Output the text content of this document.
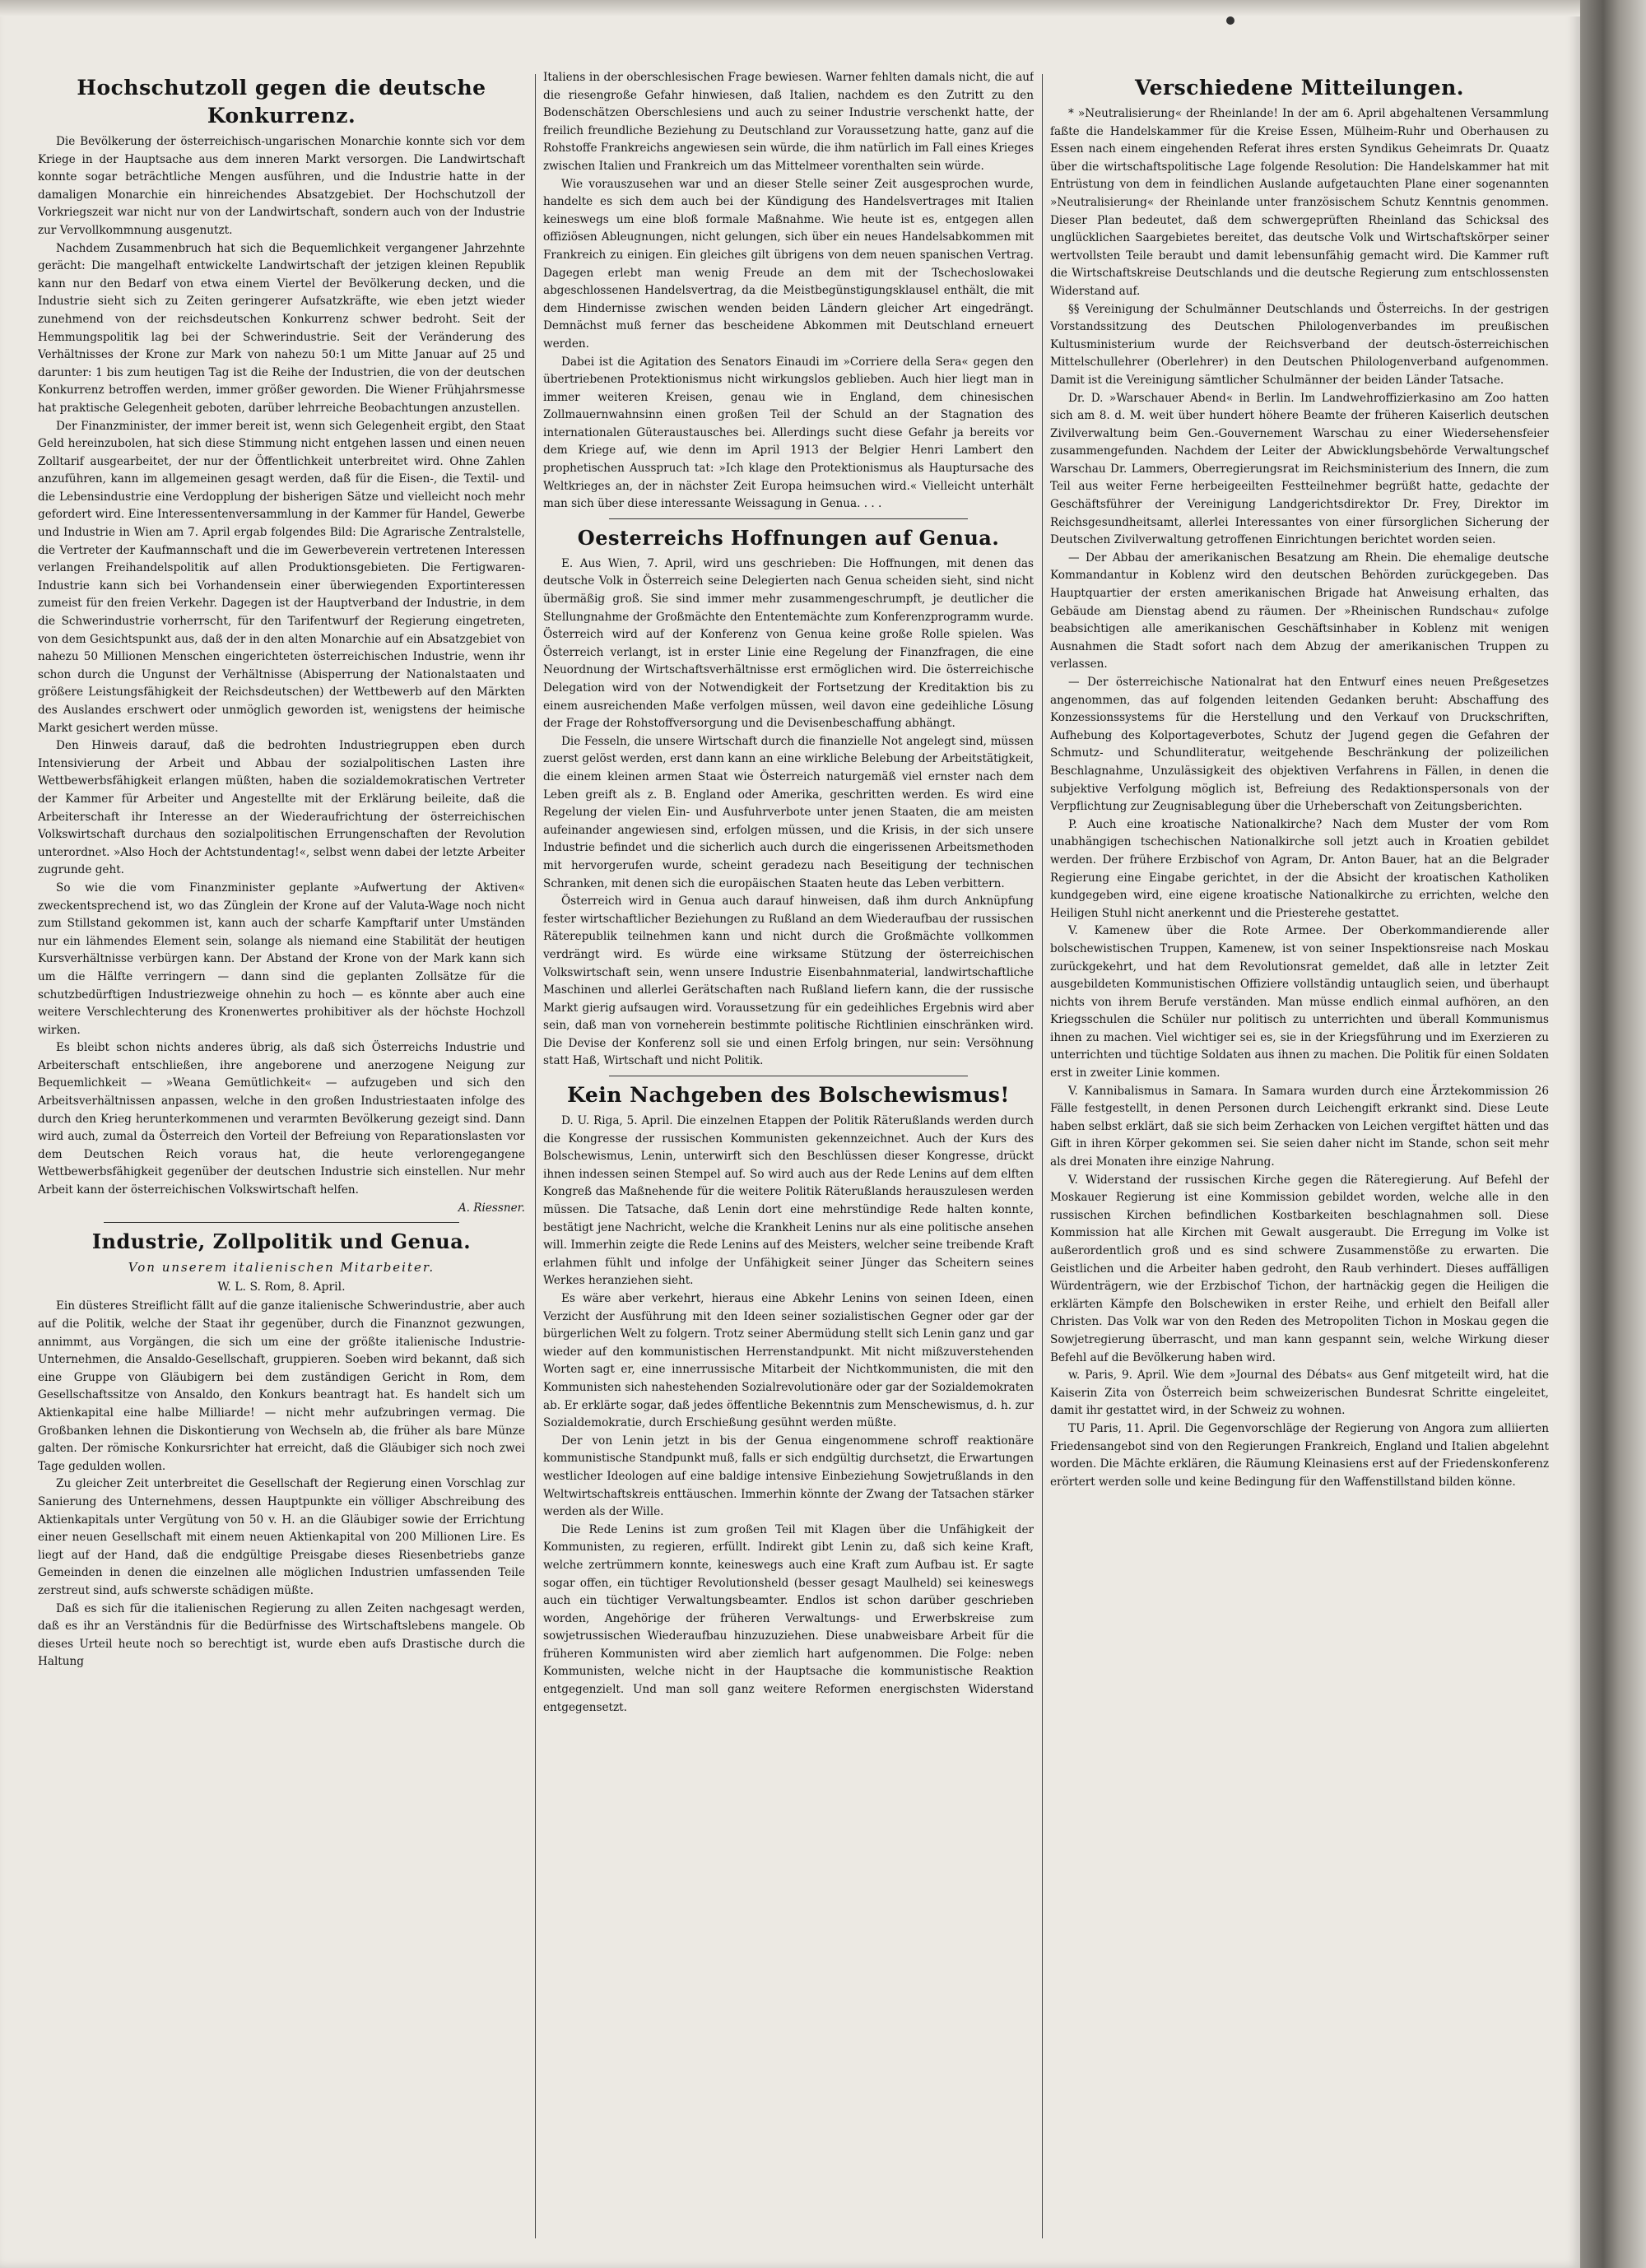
Hochschutzoll gegen die deutsche Konkurrenz.

Die Bevölkerung der österreichisch-ungarischen Monarchie konnte sich vor dem Kriege in der Hauptsache aus dem inneren Markt versorgen. Die Landwirtschaft konnte sogar beträchtliche Mengen ausführen, und die Industrie hatte in der damaligen Monarchie ein hinreichendes Absatzgebiet. Der Hochschutzoll der Vorkriegszeit war nicht nur von der Landwirtschaft, sondern auch von der Industrie zur Vervollkommnung ausgenutzt.

Nachdem Zusammenbruch hat sich die Bequemlichkeit vergangener Jahrzehnte gerächt: Die mangelhaft entwickelte Landwirtschaft der jetzigen kleinen Republik kann nur den Bedarf von etwa einem Viertel der Bevölkerung decken, und die Industrie sieht sich zu Zeiten geringerer Aufsatzkräfte, wie eben jetzt wieder zunehmend von der reichsdeutschen Konkurrenz schwer bedroht. Seit der Hemmungspolitik lag bei der Schwerindustrie. Seit der Veränderung des Verhältnisses der Krone zur Mark von nahezu 50:1 um Mitte Januar auf 25 und darunter: 1 bis zum heutigen Tag ist die Reihe der Industrien, die von der deutschen Konkurrenz betroffen werden, immer größer geworden. Die Wiener Frühjahrsmesse hat praktische Gelegenheit geboten, darüber lehrreiche Beobachtungen anzustellen.

Der Finanzminister, der immer bereit ist, wenn sich Gelegenheit ergibt, den Staat Geld hereinzubolen, hat sich diese Stimmung nicht entgehen lassen und einen neuen Zolltarif ausgearbeitet, der nur der Öffentlichkeit unterbreitet wird. Ohne Zahlen anzuführen, kann im allgemeinen gesagt werden, daß für die Eisen-, die Textil- und die Lebensindustrie eine Verdopplung der bisherigen Sätze und vielleicht noch mehr gefordert wird. Eine Interessentenversammlung in der Kammer für Handel, Gewerbe und Industrie in Wien am 7. April ergab folgendes Bild: Die Agrarische Zentralstelle, die Vertreter der Kaufmannschaft und die im Gewerbeverein vertretenen Interessen verlangen Freihandelspolitik auf allen Produktionsgebieten. Die Fertigwaren-Industrie kann sich bei Vorhandensein einer überwiegenden Exportinteressen zumeist für den freien Verkehr. Dagegen ist der Hauptverband der Industrie, in dem die Schwerindustrie vorherrscht, für den Tarifentwurf der Regierung eingetreten, von dem Gesichtspunkt aus, daß der in den alten Monarchie auf ein Absatzgebiet von nahezu 50 Millionen Menschen eingerichteten österreichischen Industrie, wenn ihr schon durch die Ungunst der Verhältnisse (Abisperrung der Nationalstaaten und größere Leistungsfähigkeit der Reichsdeutschen) der Wettbewerb auf den Märkten des Auslandes erschwert oder unmöglich geworden ist, wenigstens der heimische Markt gesichert werden müsse.

Den Hinweis darauf, daß die bedrohten Industriegruppen eben durch Intensivierung der Arbeit und Abbau der sozialpolitischen Lasten ihre Wettbewerbsfähigkeit erlangen müßten, haben die sozialdemokratischen Vertreter der Kammer für Arbeiter und Angestellte mit der Erklärung beileite, daß die Arbeiterschaft ihr Interesse an der Wiederaufrichtung der österreichischen Volkswirtschaft durchaus den sozialpolitischen Errungenschaften der Revolution unterordnet. »Also Hoch der Achtstundentag!«, selbst wenn dabei der letzte Arbeiter zugrunde geht.

So wie die vom Finanzminister geplante »Aufwertung der Aktiven« zweckentsprechend ist, wo das Zünglein der Krone auf der Valuta-Wage noch nicht zum Stillstand gekommen ist, kann auch der scharfe Kampftarif unter Umständen nur ein lähmendes Element sein, solange als niemand eine Stabilität der heutigen Kursverhältnisse verbürgen kann. Der Abstand der Krone von der Mark kann sich um die Hälfte verringern — dann sind die geplanten Zollsätze für die schutzbedürftigen Industriezweige ohnehin zu hoch — es könnte aber auch eine weitere Verschlechterung des Kronenwertes prohibitiver als der höchste Hochzoll wirken.

Es bleibt schon nichts anderes übrig, als daß sich Österreichs Industrie und Arbeiterschaft entschließen, ihre angeborene und anerzogene Neigung zur Bequemlichkeit — »Weana Gemütlichkeit« — aufzugeben und sich den Arbeitsverhältnissen anpassen, welche in den großen Industriestaaten infolge des durch den Krieg herunterkommenen und verarmten Bevölkerung gezeigt sind. Dann wird auch, zumal da Österreich den Vorteil der Befreiung von Reparationslasten vor dem Deutschen Reich voraus hat, die heute verlorengegangene Wettbewerbsfähigkeit gegenüber der deutschen Industrie sich einstellen. Nur mehr Arbeit kann der österreichischen Volkswirtschaft helfen.

A. Riessner.
Industrie, Zollpolitik und Genua.
Von unserem italienischen Mitarbeiter.
W. L. S. Rom, 8. April.

Ein düsteres Streiflicht fällt auf die ganze italienische Schwerindustrie, aber auch auf die Politik, welche der Staat ihr gegenüber, durch die Finanznot gezwungen, annimmt, aus Vorgängen, die sich um eine der größte italienische Industrie-Unternehmen, die Ansaldo-Gesellschaft, gruppieren. Soeben wird bekannt, daß sich eine Gruppe von Gläubigern bei dem zuständigen Gericht in Rom, dem Gesellschaftssitze von Ansaldo, den Konkurs beantragt hat. Es handelt sich um Aktienkapital eine halbe Milliarde! — nicht mehr aufzubringen vermag. Die Großbanken lehnen die Diskontierung von Wechseln ab, die früher als bare Münze galten. Der römische Konkursrichter hat erreicht, daß die Gläubiger sich noch zwei Tage gedulden wollen.

Zu gleicher Zeit unterbreitet die Gesellschaft der Regierung einen Vorschlag zur Sanierung des Unternehmens, dessen Hauptpunkte ein völliger Abschreibung des Aktienkapitals unter Vergütung von 50 v. H. an die Gläubiger sowie der Errichtung einer neuen Gesellschaft mit einem neuen Aktienkapital von 200 Millionen Lire. Es liegt auf der Hand, daß die endgültige Preisgabe dieses Riesenbetriebs ganze Gemeinden in denen die einzelnen alle möglichen Industrien umfassenden Teile zerstreut sind, aufs schwerste schädigen müßte.

Daß es sich für die italienischen Regierung zu allen Zeiten nachgesagt werden, daß es ihr an Verständnis für die Bedürfnisse des Wirtschaftslebens mangele. Ob dieses Urteil heute noch so berechtigt ist, wurde eben aufs Drastische durch die Haltung

Italiens in der oberschlesischen Frage bewiesen. Warner fehlten damals nicht, die auf die riesengroße Gefahr hinwiesen, daß Italien, nachdem es den Zutritt zu den Bodenschätzen Oberschlesiens und auch zu seiner Industrie verschenkt hatte, der freilich freundliche Beziehung zu Deutschland zur Voraussetzung hatte, ganz auf die Rohstoffe Frankreichs angewiesen sein würde, die ihm natürlich im Fall eines Krieges zwischen Italien und Frankreich um das Mittelmeer vorenthalten sein würde.

Wie vorauszusehen war und an dieser Stelle seiner Zeit ausgesprochen wurde, handelte es sich dem auch bei der Kündigung des Handelsvertrages mit Italien keineswegs um eine bloß formale Maßnahme. Wie heute ist es, entgegen allen offiziösen Ableugnungen, nicht gelungen, sich über ein neues Handelsabkommen mit Frankreich zu einigen. Ein gleiches gilt übrigens von dem neuen spanischen Vertrag. Dagegen erlebt man wenig Freude an dem mit der Tschechoslowakei abgeschlossenen Handelsvertrag, da die Meistbegünstigungsklausel enthält, die mit dem Hindernisse zwischen wenden beiden Ländern gleicher Art eingedrängt. Demnächst muß ferner das bescheidene Abkommen mit Deutschland erneuert werden.

Dabei ist die Agitation des Senators Einaudi im »Corriere della Sera« gegen den übertriebenen Protektionismus nicht wirkungslos geblieben. Auch hier liegt man in immer weiteren Kreisen, genau wie in England, dem chinesischen Zollmauernwahnsinn einen großen Teil der Schuld an der Stagnation des internationalen Güteraustausches bei. Allerdings sucht diese Gefahr ja bereits vor dem Kriege auf, wie denn im April 1913 der Belgier Henri Lambert den prophetischen Ausspruch tat: »Ich klage den Protektionismus als Hauptursache des Weltkrieges an, der in nächster Zeit Europa heimsuchen wird.« Vielleicht unterhält man sich über diese interessante Weissagung in Genua. . . .

Oesterreichs Hoffnungen auf Genua.

E. Aus Wien, 7. April, wird uns geschrieben: Die Hoffnungen, mit denen das deutsche Volk in Österreich seine Delegierten nach Genua scheiden sieht, sind nicht übermäßig groß. Sie sind immer mehr zusammengeschrumpft, je deutlicher die Stellungnahme der Großmächte den Ententemächte zum Konferenzprogramm wurde. Österreich wird auf der Konferenz von Genua keine große Rolle spielen. Was Österreich verlangt, ist in erster Linie eine Regelung der Finanzfragen, die eine Neuordnung der Wirtschaftsverhältnisse erst ermöglichen wird. Die österreichische Delegation wird von der Notwendigkeit der Fortsetzung der Kreditaktion bis zu einem ausreichenden Maße verfolgen müssen, weil davon eine gedeihliche Lösung der Frage der Rohstoffversorgung und die Devisenbeschaffung abhängt.

Die Fesseln, die unsere Wirtschaft durch die finanzielle Not angelegt sind, müssen zuerst gelöst werden, erst dann kann an eine wirkliche Belebung der Arbeitstätigkeit, die einem kleinen armen Staat wie Österreich naturgemäß viel ernster nach dem Leben greift als z. B. England oder Amerika, geschritten werden. Es wird eine Regelung der vielen Ein- und Ausfuhrverbote unter jenen Staaten, die am meisten aufeinander angewiesen sind, erfolgen müssen, und die Krisis, in der sich unsere Industrie befindet und die sicherlich auch durch die eingerissenen Arbeitsmethoden mit hervorgerufen wurde, scheint geradezu nach Beseitigung der technischen Schranken, mit denen sich die europäischen Staaten heute das Leben verbittern.

Österreich wird in Genua auch darauf hinweisen, daß ihm durch Anknüpfung fester wirtschaftlicher Beziehungen zu Rußland an dem Wiederaufbau der russischen Räterepublik teilnehmen kann und nicht durch die Großmächte vollkommen verdrängt wird. Es würde eine wirksame Stützung der österreichischen Volkswirtschaft sein, wenn unsere Industrie Eisenbahnmaterial, landwirtschaftliche Maschinen und allerlei Gerätschaften nach Rußland liefern kann, die der russische Markt gierig aufsaugen wird. Voraussetzung für ein gedeihliches Ergebnis wird aber sein, daß man von vorneherein bestimmte politische Richtlinien einschränken wird. Die Devise der Konferenz soll sie und einen Erfolg bringen, nur sein: Versöhnung statt Haß, Wirtschaft und nicht Politik.

Kein Nachgeben des Bolschewismus!

D. U. Riga, 5. April. Die einzelnen Etappen der Politik Räterußlands werden durch die Kongresse der russischen Kommunisten gekennzeichnet. Auch der Kurs des Bolschewismus, Lenin, unterwirft sich den Beschlüssen dieser Kongresse, drückt ihnen indessen seinen Stempel auf. So wird auch aus der Rede Lenins auf dem elften Kongreß das Maßnehende für die weitere Politik Räterußlands herauszulesen werden müssen. Die Tatsache, daß Lenin dort eine mehrstündige Rede halten konnte, bestätigt jene Nachricht, welche die Krankheit Lenins nur als eine politische ansehen will. Immerhin zeigte die Rede Lenins auf des Meisters, welcher seine treibende Kraft erlahmen fühlt und infolge der Unfähigkeit seiner Jünger das Scheitern seines Werkes heranziehen sieht.

Es wäre aber verkehrt, hieraus eine Abkehr Lenins von seinen Ideen, einen Verzicht der Ausführung mit den Ideen seiner sozialistischen Gegner oder gar der bürgerlichen Welt zu folgern. Trotz seiner Abermüdung stellt sich Lenin ganz und gar wieder auf den kommunistischen Herrenstandpunkt. Mit nicht mißzuverstehenden Worten sagt er, eine innerrussische Mitarbeit der Nichtkommunisten, die mit den Kommunisten sich nahestehenden Sozialrevolutionäre oder gar der Sozialdemokraten ab. Er erklärte sogar, daß jedes öffentliche Bekenntnis zum Menschewismus, d. h. zur Sozialdemokratie, durch Erschießung gesühnt werden müßte.

Der von Lenin jetzt in bis der Genua eingenommene schroff reaktionäre kommunistische Standpunkt muß, falls er sich endgültig durchsetzt, die Erwartungen westlicher Ideologen auf eine baldige intensive Einbeziehung Sowjetrußlands in den Weltwirtschaftskreis enttäuschen. Immerhin könnte der Zwang der Tatsachen stärker werden als der Wille.

Die Rede Lenins ist zum großen Teil mit Klagen über die Unfähigkeit der Kommunisten, zu regieren, erfüllt. Indirekt gibt Lenin zu, daß sich keine Kraft, welche zertrümmern konnte, keineswegs auch eine Kraft zum Aufbau ist. Er sagte sogar offen, ein tüchtiger Revolutionsheld (besser gesagt Maulheld) sei keineswegs auch ein tüchtiger Verwaltungsbeamter. Endlos ist schon darüber geschrieben worden, Angehörige der früheren Verwaltungs- und Erwerbskreise zum sowjetrussischen Wiederaufbau hinzuzuziehen. Diese unabweisbare Arbeit für die früheren Kommunisten wird aber ziemlich hart aufgenommen. Die Folge: neben Kommunisten, welche nicht in der Hauptsache die kommunistische Reaktion entgegenzielt. Und man soll ganz weitere Reformen energischsten Widerstand entgegensetzt.

Verschiedene Mitteilungen.

* »Neutralisierung« der Rheinlande! In der am 6. April abgehaltenen Versammlung faßte die Handelskammer für die Kreise Essen, Mülheim-Ruhr und Oberhausen zu Essen nach einem eingehenden Referat ihres ersten Syndikus Geheimrats Dr. Quaatz über die wirtschaftspolitische Lage folgende Resolution: Die Handelskammer hat mit Entrüstung von dem in feindlichen Auslande aufgetauchten Plane einer sogenannten »Neutralisierung« der Rheinlande unter französischem Schutz Kenntnis genommen. Dieser Plan bedeutet, daß dem schwergeprüften Rheinland das Schicksal des unglücklichen Saargebietes bereitet, das deutsche Volk und Wirtschaftskörper seiner wertvollsten Teile beraubt und damit lebensunfähig gemacht wird. Die Kammer ruft die Wirtschaftskreise Deutschlands und die deutsche Regierung zum entschlossensten Widerstand auf.

§§ Vereinigung der Schulmänner Deutschlands und Österreichs. In der gestrigen Vorstandssitzung des Deutschen Philologenverbandes im preußischen Kultusministerium wurde der Reichsverband der deutsch-österreichischen Mittelschullehrer (Oberlehrer) in den Deutschen Philologenverband aufgenommen. Damit ist die Vereinigung sämtlicher Schulmänner der beiden Länder Tatsache.

Dr. D. »Warschauer Abend« in Berlin. Im Landwehroffizierkasino am Zoo hatten sich am 8. d. M. weit über hundert höhere Beamte der früheren Kaiserlich deutschen Zivilverwaltung beim Gen.-Gouvernement Warschau zu einer Wiedersehensfeier zusammengefunden. Nachdem der Leiter der Abwicklungsbehörde Verwaltungschef Warschau Dr. Lammers, Oberregierungsrat im Reichsministerium des Innern, die zum Teil aus weiter Ferne herbeigeeilten Festteilnehmer begrüßt hatte, gedachte der Geschäftsführer der Vereinigung Landgerichtsdirektor Dr. Frey, Direktor im Reichsgesundheitsamt, allerlei Interessantes von einer fürsorglichen Sicherung der Deutschen Zivilverwaltung getroffenen Einrichtungen berichtet worden seien.

— Der Abbau der amerikanischen Besatzung am Rhein. Die ehemalige deutsche Kommandantur in Koblenz wird den deutschen Behörden zurückgegeben. Das Hauptquartier der ersten amerikanischen Brigade hat Anweisung erhalten, das Gebäude am Dienstag abend zu räumen. Der »Rheinischen Rundschau« zufolge beabsichtigen alle amerikanischen Geschäftsinhaber in Koblenz mit wenigen Ausnahmen die Stadt sofort nach dem Abzug der amerikanischen Truppen zu verlassen.

— Der österreichische Nationalrat hat den Entwurf eines neuen Preßgesetzes angenommen, das auf folgenden leitenden Gedanken beruht: Abschaffung des Konzessionssystems für die Herstellung und den Verkauf von Druckschriften, Aufhebung des Kolportageverbotes, Schutz der Jugend gegen die Gefahren der Schmutz- und Schundliteratur, weitgehende Beschränkung der polizeilichen Beschlagnahme, Unzulässigkeit des objektiven Verfahrens in Fällen, in denen die subjektive Verfolgung möglich ist, Befreiung des Redaktionspersonals von der Verpflichtung zur Zeugnisablegung über die Urheberschaft von Zeitungsberichten.

P. Auch eine kroatische Nationalkirche? Nach dem Muster der vom Rom unabhängigen tschechischen Nationalkirche soll jetzt auch in Kroatien gebildet werden. Der frühere Erzbischof von Agram, Dr. Anton Bauer, hat an die Belgrader Regierung eine Eingabe gerichtet, in der die Absicht der kroatischen Katholiken kundgegeben wird, eine eigene kroatische Nationalkirche zu errichten, welche den Heiligen Stuhl nicht anerkennt und die Priesterehe gestattet.

V. Kamenew über die Rote Armee. Der Oberkommandierende aller bolschewistischen Truppen, Kamenew, ist von seiner Inspektionsreise nach Moskau zurückgekehrt, und hat dem Revolutionsrat gemeldet, daß alle in letzter Zeit ausgebildeten Kommunistischen Offiziere vollständig untauglich seien, und überhaupt nichts von ihrem Berufe verständen. Man müsse endlich einmal aufhören, an den Kriegsschulen die Schüler nur politisch zu unterrichten und überall Kommunismus ihnen zu machen. Viel wichtiger sei es, sie in der Kriegsführung und im Exerzieren zu unterrichten und tüchtige Soldaten aus ihnen zu machen. Die Politik für einen Soldaten erst in zweiter Linie kommen.

V. Kannibalismus in Samara. In Samara wurden durch eine Ärztekommission 26 Fälle festgestellt, in denen Personen durch Leichengift erkrankt sind. Diese Leute haben selbst erklärt, daß sie sich beim Zerhacken von Leichen vergiftet hätten und das Gift in ihren Körper gekommen sei. Sie seien daher nicht im Stande, schon seit mehr als drei Monaten ihre einzige Nahrung.

V. Widerstand der russischen Kirche gegen die Räteregierung. Auf Befehl der Moskauer Regierung ist eine Kommission gebildet worden, welche alle in den russischen Kirchen befindlichen Kostbarkeiten beschlagnahmen soll. Diese Kommission hat alle Kirchen mit Gewalt ausgeraubt. Die Erregung im Volke ist außerordentlich groß und es sind schwere Zusammenstöße zu erwarten. Die Geistlichen und die Arbeiter haben gedroht, den Raub verhindert. Dieses auffälligen Würdenträgern, wie der Erzbischof Tichon, der hartnäckig gegen die Heiligen die erklärten Kämpfe den Bolschewiken in erster Reihe, und erhielt den Beifall aller Christen. Das Volk war von den Reden des Metropoliten Tichon in Moskau gegen die Sowjetregierung überrascht, und man kann gespannt sein, welche Wirkung dieser Befehl auf die Bevölkerung haben wird.

w. Paris, 9. April. Wie dem »Journal des Débats« aus Genf mitgeteilt wird, hat die Kaiserin Zita von Österreich beim schweizerischen Bundesrat Schritte eingeleitet, damit ihr gestattet wird, in der Schweiz zu wohnen.

TU Paris, 11. April. Die Gegenvorschläge der Regierung von Angora zum alliierten Friedensangebot sind von den Regierungen Frankreich, England und Italien abgelehnt worden. Die Mächte erklären, die Räumung Kleinasiens erst auf der Friedenskonferenz erörtert werden solle und keine Bedingung für den Waffenstillstand bilden könne.
